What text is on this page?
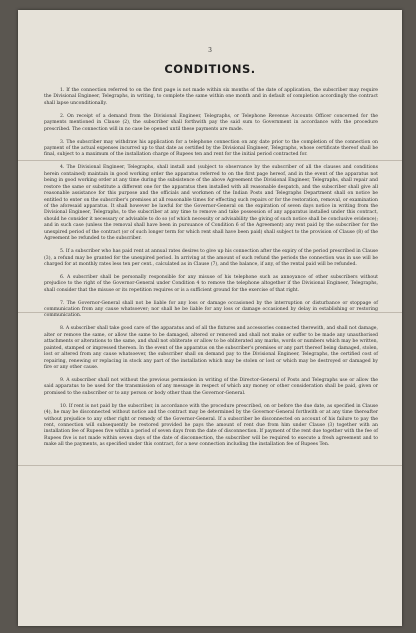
3
CONDITIONS.

1. If the connection referred to on the first page is not made within six months of the date of application, the subscriber may require the Divisional Engineer, Telegraphs, in writing, to complete the same within one month and in default of completion accordingly the contract shall lapse unconditionally.

2. On receipt of a demand from the Divisional Engineer, Telegraphs, or Telephone Revenue Accounts Officer concerned for the payments mentioned in Clause (2), the subscriber shall forthwith pay the said sum to Government in accordance with the procedure prescribed. The connection will in no case be opened until these payments are made.

3. The subscriber may withdraw his application for a telephone connection on any date prior to the completion of the connection on payment of the actual expenses incurred up to that date as certified by the Divisional Engineer, Telegraphs, whose certificate thereof shall be final, subject to a maximum of the installation charge of Rupees ten and rent for the initial period contracted for.

4. The Divisional Engineer, Telegraphs, shall install and (subject to observance by the subscriber of all the clauses and conditions herein contained) maintain in good working order the apparatus referred to on the first page hereof, and in the event of the apparatus not being in good working order at any time during the subsistence of the above Agreement the Divisional Engineer, Telegraphs, shall repair and restore the same or substitute a different one for the apparatus then installed with all reasonable despatch, and the subscriber shall give all reasonable assistance for this purpose and the officials and workmen of the Indian Posts and Telegraphs Department shall on notice be entitled to enter on the subscriber's premises at all reasonable times for effecting such repairs or for the restoration, removal, or examination of the aforesaid apparatus. It shall however be lawful for the Governor-General on the expiration of seven days notice in writing from the Divisional Engineer, Telegraphs, to the subscriber at any time to remove and take possession of any apparatus installed under this contract, should he consider it necessary or advisable to do so (of which necessity or advisability the giving of such notice shall be conclusive evidence); and in such case (unless the removal shall have been in pursuance of Condition 6 of the Agreement) any rent paid by the subscriber for the unexpired period of the contract (or of such longer term for which rent shall have been paid) shall subject to the provision of Clause (8) of the Agreement be refunded to the subscriber.

5. If a subscriber who has paid rent at annual rates desires to give up his connection after the expiry of the period prescribed in Clause (3), a refund may be granted for the unexpired period. In arriving at the amount of such refund the periods the connection was in use will be charged for at monthly rates less ten per cent., calculated as in Clause (7), and the balance, if any, of the rental paid will be refunded.

6. A subscriber shall be personally responsible for any misuse of his telephone such as annoyance of other subscribers without prejudice to the right of the Governor-General under Condition 4 to remove the telephone altogether if the Divisional Engineer, Telegraphs, shall consider that the misuse or its repetition requires or is a sufficient ground for the exercise of that right.

7. The Governor-General shall not be liable for any loss or damage occasioned by the interruption or disturbance or stoppage of communication from any cause whatsoever; nor shall he be liable for any loss or damage occasioned by delay in establishing or restoring communication.

8. A subscriber shall take good care of the apparatus and of all the fixtures and accessories connected therewith, and shall not damage, alter or remove the same, or allow the same to be damaged, altered or removed and shall not make or suffer to be made any unauthorised attachments or alterations to the same, and shall not obliterate or allow to be obliterated any marks, words or numbers which may be written, painted, stamped or impressed thereon. In the event of the apparatus on the subscriber's premises or any part thereof being damaged, stolen, lost or altered from any cause whatsoever, the subscriber shall on demand pay to the Divisional Engineer, Telegraphs, the certified cost of repairing, renewing or replacing in stock any part of the installation which may be stolen or lost or which may be destroyed or damaged by fire or any other cause.

9. A subscriber shall not without the previous permission in writing of the Director-General of Posts and Telegraphs use or allow the said apparatus to be used for the transmission of any message in respect of which any money or other consideration shall be paid, given or promised to the subscriber or to any person or body other than the Governor-General.

10. If rent is not paid by the subscriber, in accordance with the procedure prescribed, on or before the due date, as specified in Clause (4), he may be disconnected without notice and the contract may be determined by the Governor-General forthwith or at any time thereafter without prejudice to any other right or remedy of the Governor-General. If a subscriber be disconnected on account of his failure to pay the rent, connection will subsequently be restored provided he pays the amount of rent due from him under Clause (3) together with an installation fee of Rupees five within a period of seven days from the date of disconnection. If payment of the rent due together with the fee of Rupees five is not made within seven days of the date of disconnection, the subscriber will be required to execute a fresh agreement and to make all the payments, as specified under this contract, for a new connection including the installation fee of Rupees Ten.
